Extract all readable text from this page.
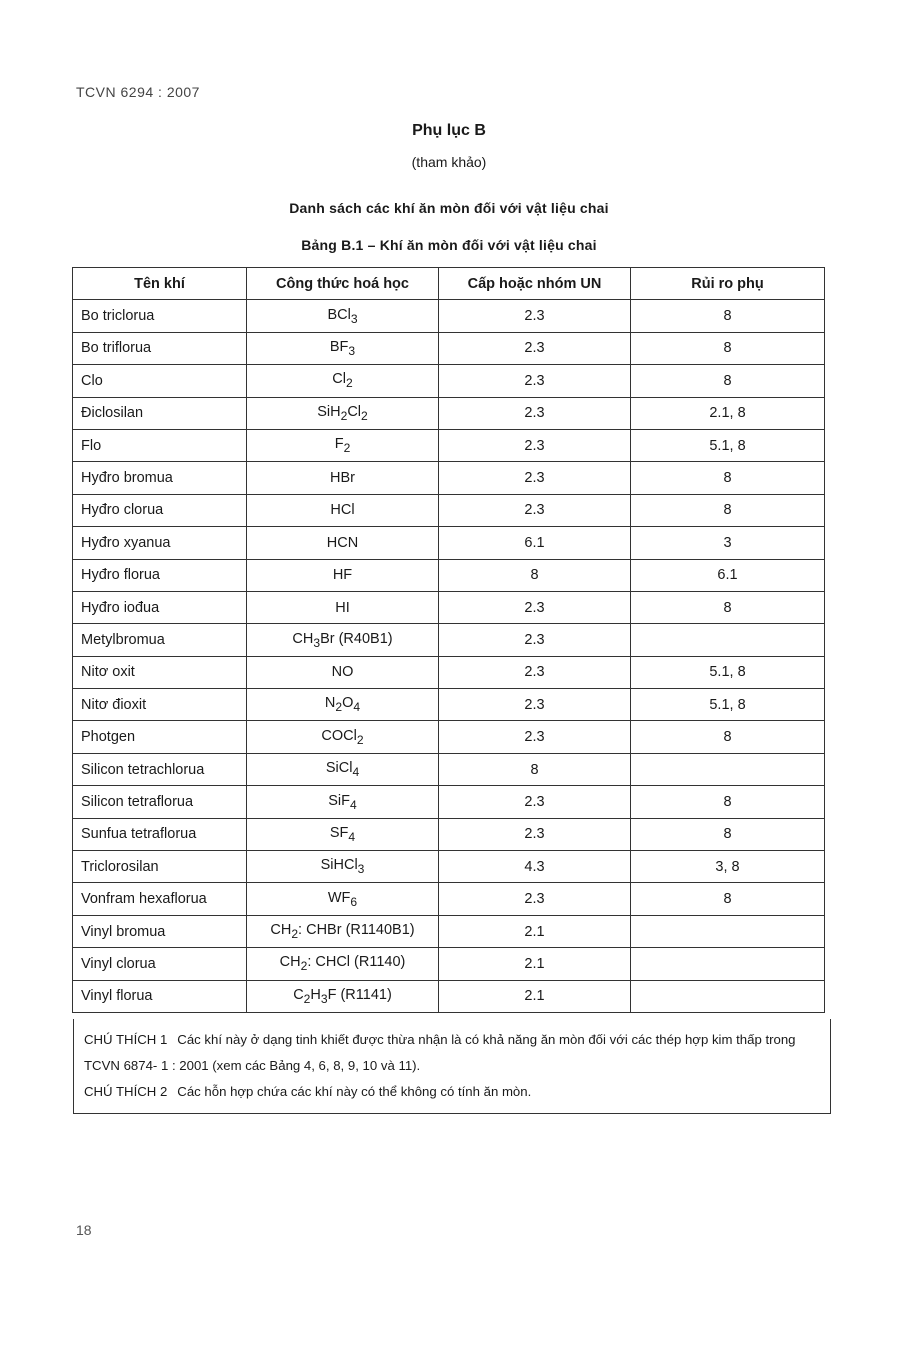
TCVN 6294 : 2007
Phụ lục B
(tham khảo)
Danh sách các khí ăn mòn đối với vật liệu chai
Bảng B.1 – Khí ăn mòn đối với vật liệu chai
Tên khí	Công thức hoá học	Cấp hoặc nhóm UN	Rủi ro phụ
Bo triclorua	BCl$_3$	2.3	8
Bo triflorua	$BF_3$	2.3	8
Clo	$Cl_2$	2.3	8
Điclosilan	$SiH_2Cl_2$	2.3	2.1, 8
Flo	$F_2$	2.3	5.1, 8
Hyđro bromua	HBr	2.3	8
Hyđro clorua	HCl	2.3	8
Hyđro xyanua	HCN	6.1	3
Hyđro florua	HF	8	6.1
Hyđro iođua	HI	2.3	8
Metylbromua	$CH_3Br$ (R40B1)	2.3	
Nitơ oxit	NO	2.3	5.1, 8
Nitơ đioxit	$N_2O_4$	2.3	5.1, 8
Photgen	COCl$_2$	2.3	8
Silicon tetrachlorua	SiCl$_4$	8	
Silicon tetraflorua	SiF$_4$	2.3	8
Sunfua tetraflorua	$SF_4$	2.3	8
Triclorosilan	SiHCl$_3$	4.3	3, 8
Vonfram hexaflorua	$WF_6$	2.3	8
Vinyl bromua	$CH_2$: CHBr (R1140B1)	2.1	
Vinyl clorua	$CH_2$: CHCl (R1140)	2.1	
Vinyl florua	$C_2H_3F$ (R1141)	2.1	

CHÚ THÍCH 1 Các khí này ở dạng tinh khiết được thừa nhận là có khả năng ăn mòn đối với các thép hợp kim thấp trong TCVN 6874- 1 : 2001 (xem các Bảng 4, 6, 8, 9, 10 và 11).

CHÚ THÍCH 2 Các hỗn hợp chứa các khí này có thể không có tính ăn mòn.

18
